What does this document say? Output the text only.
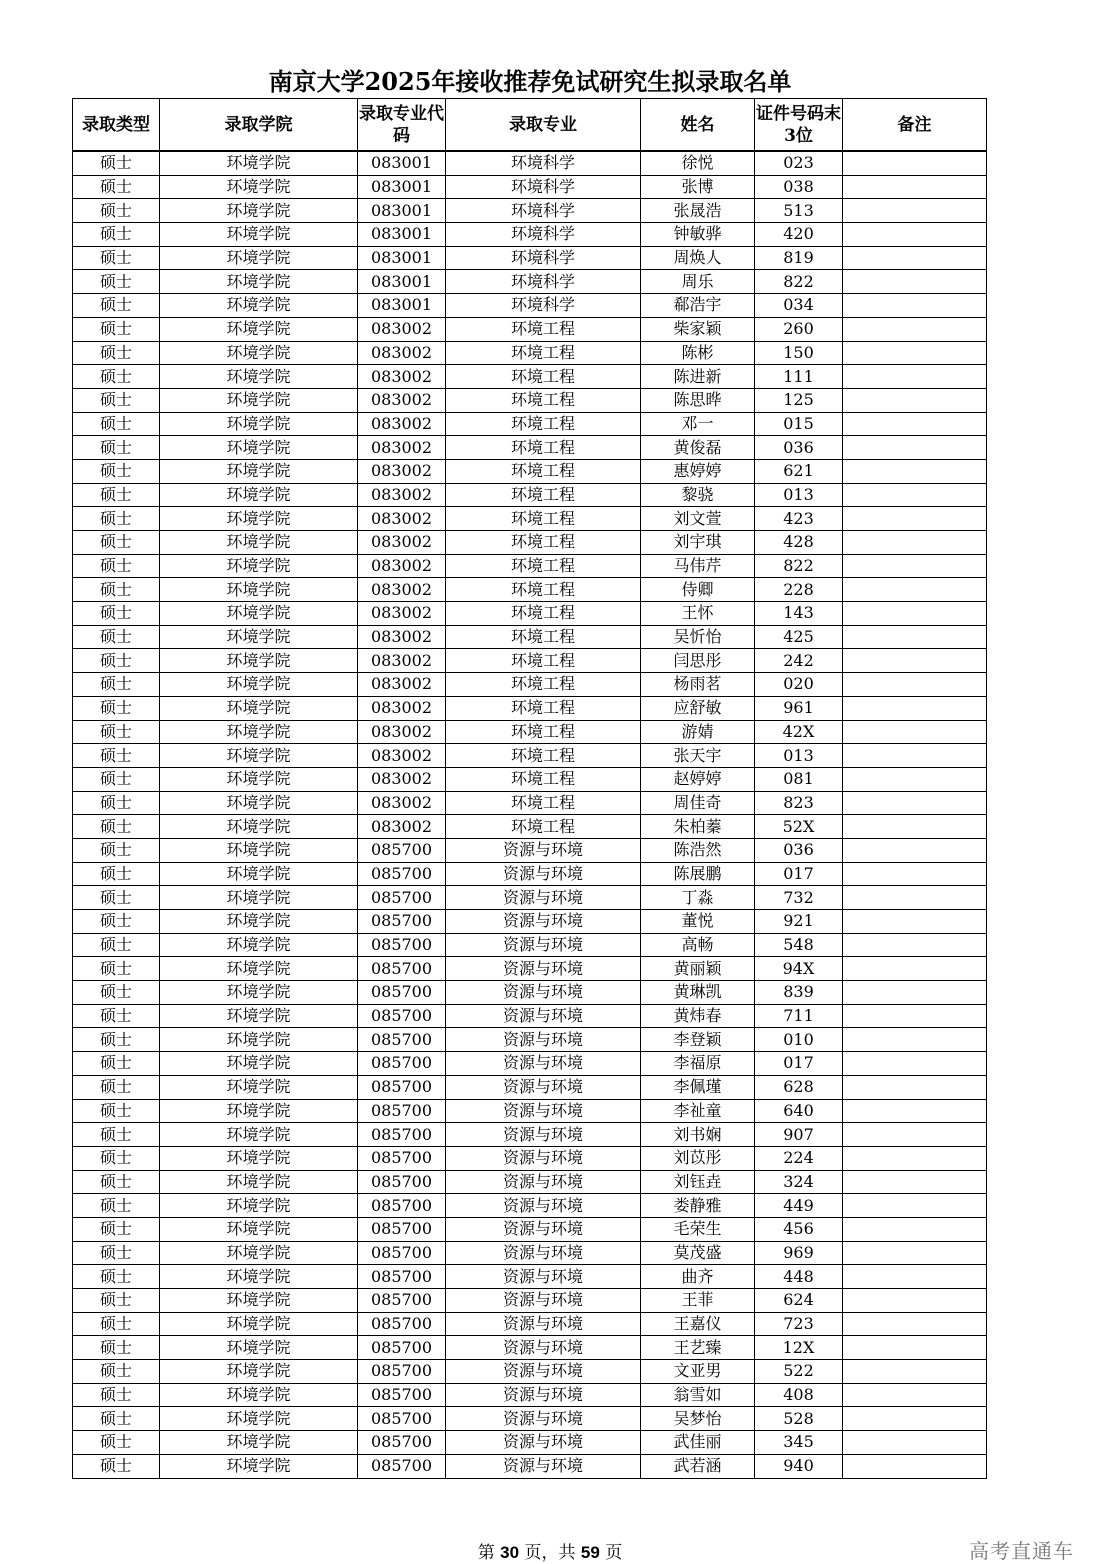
南京大学2025年接收推荐免试研究生拟录取名单
录取类型	录取学院	录取专业代码	录取专业	姓名	证件号码末3位	备注
硕士	环境学院	083001	环境科学	徐悦	023	
硕士	环境学院	083001	环境科学	张博	038	
硕士	环境学院	083001	环境科学	张晟浩	513	
硕士	环境学院	083001	环境科学	钟敏骅	420	
硕士	环境学院	083001	环境科学	周焕人	819	
硕士	环境学院	083001	环境科学	周乐	822	
硕士	环境学院	083001	环境科学	郗浩宇	034	
硕士	环境学院	083002	环境工程	柴家颖	260	
硕士	环境学院	083002	环境工程	陈彬	150	
硕士	环境学院	083002	环境工程	陈进新	111	
硕士	环境学院	083002	环境工程	陈思晔	125	
硕士	环境学院	083002	环境工程	邓一	015	
硕士	环境学院	083002	环境工程	黄俊磊	036	
硕士	环境学院	083002	环境工程	惠婷婷	621	
硕士	环境学院	083002	环境工程	黎骁	013	
硕士	环境学院	083002	环境工程	刘文萱	423	
硕士	环境学院	083002	环境工程	刘宇琪	428	
硕士	环境学院	083002	环境工程	马伟芹	822	
硕士	环境学院	083002	环境工程	侍卿	228	
硕士	环境学院	083002	环境工程	王怀	143	
硕士	环境学院	083002	环境工程	吴忻怡	425	
硕士	环境学院	083002	环境工程	闫思彤	242	
硕士	环境学院	083002	环境工程	杨雨茗	020	
硕士	环境学院	083002	环境工程	应舒敏	961	
硕士	环境学院	083002	环境工程	游婧	42X	
硕士	环境学院	083002	环境工程	张天宇	013	
硕士	环境学院	083002	环境工程	赵婷婷	081	
硕士	环境学院	083002	环境工程	周佳奇	823	
硕士	环境学院	083002	环境工程	朱柏蓁	52X	
硕士	环境学院	085700	资源与环境	陈浩然	036	
硕士	环境学院	085700	资源与环境	陈展鹏	017	
硕士	环境学院	085700	资源与环境	丁淼	732	
硕士	环境学院	085700	资源与环境	董悦	921	
硕士	环境学院	085700	资源与环境	高畅	548	
硕士	环境学院	085700	资源与环境	黄丽颖	94X	
硕士	环境学院	085700	资源与环境	黄琳凯	839	
硕士	环境学院	085700	资源与环境	黄炜春	711	
硕士	环境学院	085700	资源与环境	李登颖	010	
硕士	环境学院	085700	资源与环境	李福原	017	
硕士	环境学院	085700	资源与环境	李佩瑾	628	
硕士	环境学院	085700	资源与环境	李祉童	640	
硕士	环境学院	085700	资源与环境	刘书娴	907	
硕士	环境学院	085700	资源与环境	刘苡彤	224	
硕士	环境学院	085700	资源与环境	刘钰垚	324	
硕士	环境学院	085700	资源与环境	娄静雅	449	
硕士	环境学院	085700	资源与环境	毛荣生	456	
硕士	环境学院	085700	资源与环境	莫茂盛	969	
硕士	环境学院	085700	资源与环境	曲齐	448	
硕士	环境学院	085700	资源与环境	王菲	624	
硕士	环境学院	085700	资源与环境	王嘉仪	723	
硕士	环境学院	085700	资源与环境	王艺臻	12X	
硕士	环境学院	085700	资源与环境	文亚男	522	
硕士	环境学院	085700	资源与环境	翁雪如	408	
硕士	环境学院	085700	资源与环境	吴梦怡	528	
硕士	环境学院	085700	资源与环境	武佳丽	345	
硕士	环境学院	085700	资源与环境	武若涵	940	
第 30 页，共 59 页	高考直通车
